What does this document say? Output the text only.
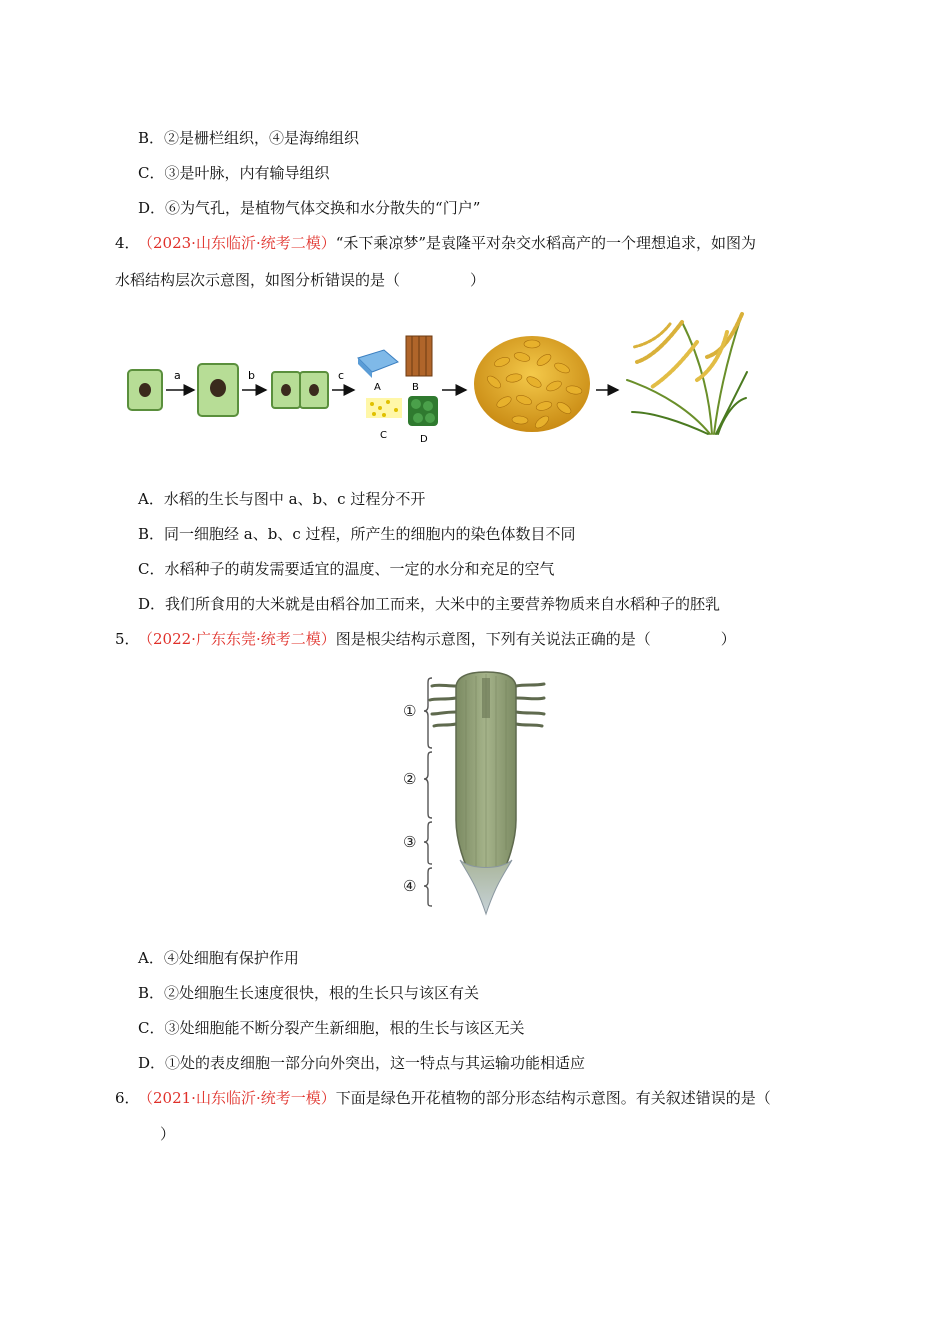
B．②是栅栏组织，④是海绵组织
C．③是叶脉，内有输导组织
D．⑥为气孔，是植物气体交换和水分散失的“门户”
4．
（2023·山东临沂·统考二模）“禾下乘凉梦”是袁隆平对杂交水稻高产的一个理想追求，如图为
水稻结构层次示意图，如图分析错误的是（	）
a	b	c
A	B
C	D
A．水稻的生长与图中 a、b、c 过程分不开
B．同一细胞经 a、b、c 过程，所产生的细胞内的染色体数目不同
C．水稻种子的萌发需要适宜的温度、一定的水分和充足的空气
D．我们所食用的大米就是由稻谷加工而来，大米中的主要营养物质来自水稻种子的胚乳
5．
（2022·广东东莞·统考二模）图是根尖结构示意图，下列有关说法正确的是（	）
①
②
③
④
A．④处细胞有保护作用
B．②处细胞生长速度很快，根的生长只与该区有关
C．③处细胞能不断分裂产生新细胞，根的生长与该区无关
D．①处的表皮细胞一部分向外突出，这一特点与其运输功能相适应
6．
（2021·山东临沂·统考一模）下面是绿色开花植物的部分形态结构示意图。有关叙述错误的是（
）
